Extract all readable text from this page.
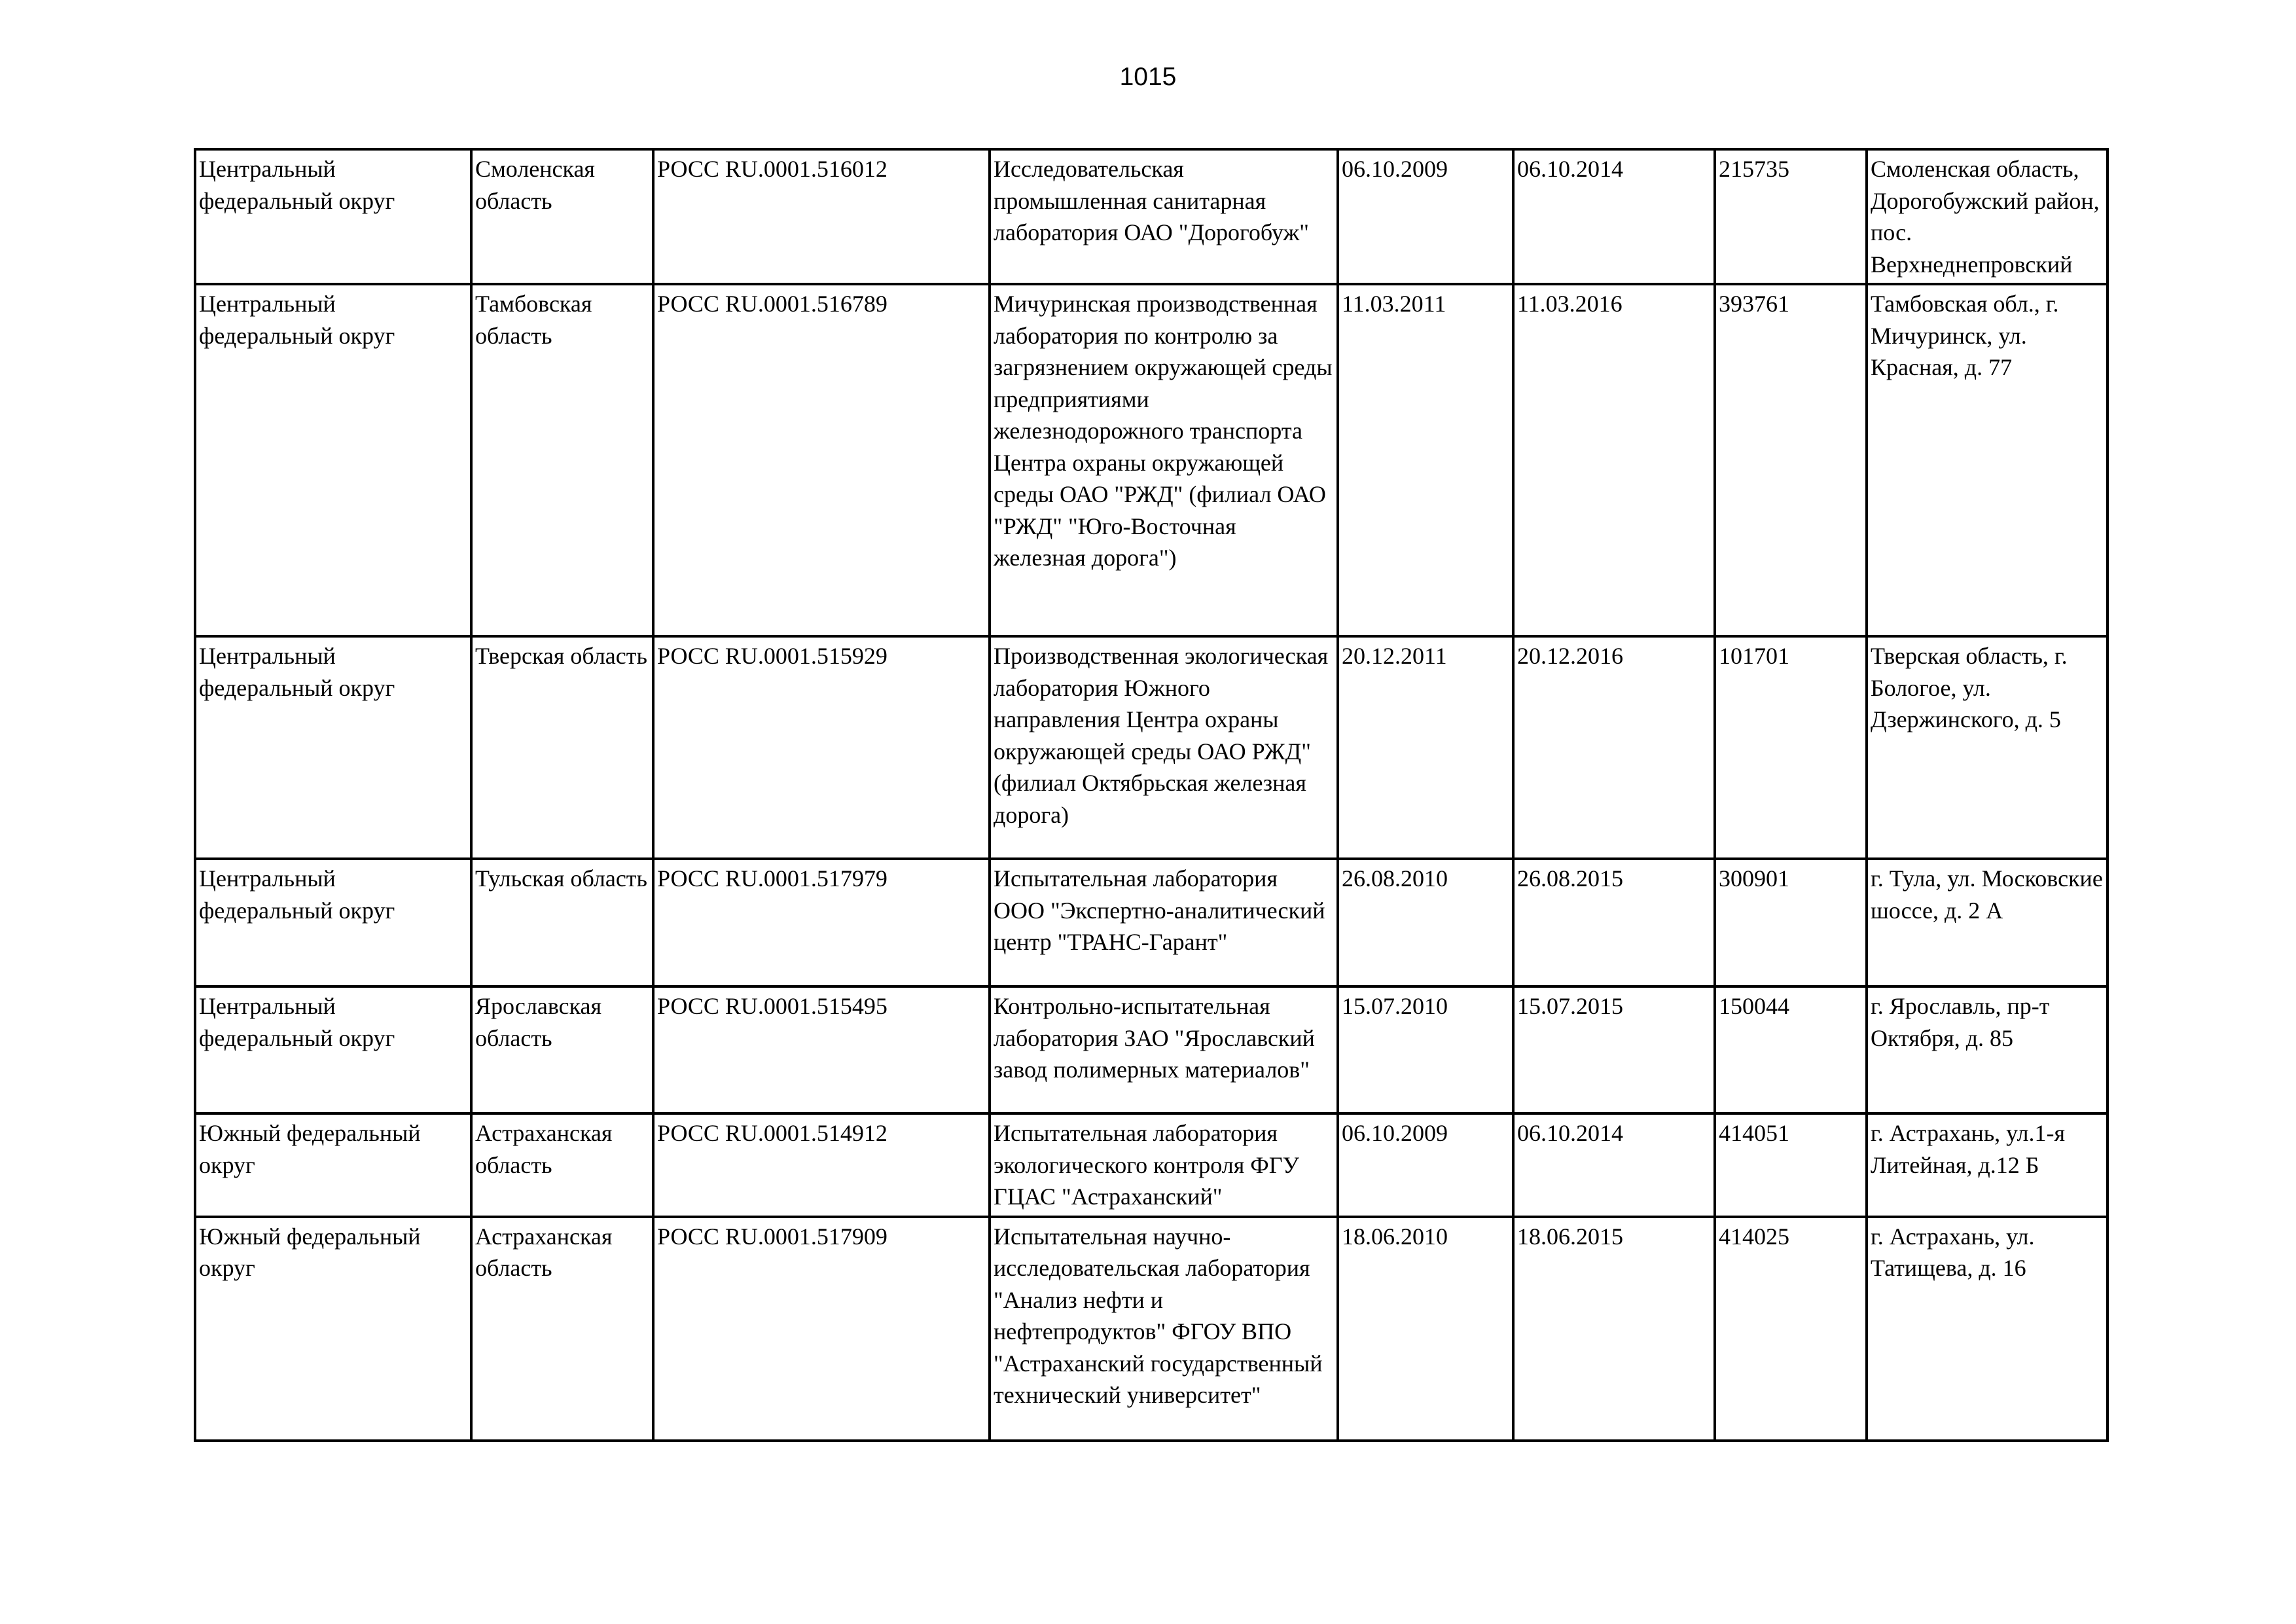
1015
Центральный федеральный округ	Смоленская область	РОСС RU.0001.516012	Исследовательская промышленная санитарная лаборатория ОАО "Дорогобуж"	06.10.2009	06.10.2014	215735	Смоленская область, Дорогобужский район, пос. Верхнеднепровский
Центральный федеральный округ	Тамбовская область	РОСС RU.0001.516789	Мичуринская производственная лаборатория по контролю за загрязнением окружающей среды предприятиями железнодорожного транспорта Центра охраны окружающей среды ОАО "РЖД" (филиал ОАО "РЖД" "Юго-Восточная железная дорога")	11.03.2011	11.03.2016	393761	Тамбовская обл., г. Мичуринск, ул. Красная, д. 77
Центральный федеральный округ	Тверская область	РОСС RU.0001.515929	Производственная экологическая лаборатория Южного направления Центра охраны окружающей среды ОАО РЖД" (филиал Октябрьская железная дорога)	20.12.2011	20.12.2016	101701	Тверская область, г. Бологое, ул. Дзержинского, д. 5
Центральный федеральный округ	Тульская область	РОСС RU.0001.517979	Испытательная лаборатория ООО "Экспертно-аналитический центр "ТРАНС-Гарант"	26.08.2010	26.08.2015	300901	г. Тула, ул. Московские шоссе, д. 2 А
Центральный федеральный округ	Ярославская область	РОСС RU.0001.515495	Контрольно-испытательная лаборатория ЗАО "Ярославский завод полимерных материалов"	15.07.2010	15.07.2015	150044	г. Ярославль, пр-т Октября, д. 85
Южный федеральный округ	Астраханская область	РОСС RU.0001.514912	Испытательная лаборатория экологического контроля ФГУ ГЦАС "Астраханский"	06.10.2009	06.10.2014	414051	г. Астрахань, ул.1-я Литейная, д.12 Б
Южный федеральный округ	Астраханская область	РОСС RU.0001.517909	Испытательная научно-исследовательская лаборатория "Анализ нефти и нефтепродуктов" ФГОУ ВПО "Астраханский государственный технический университет"	18.06.2010	18.06.2015	414025	г. Астрахань, ул. Татищева, д. 16
